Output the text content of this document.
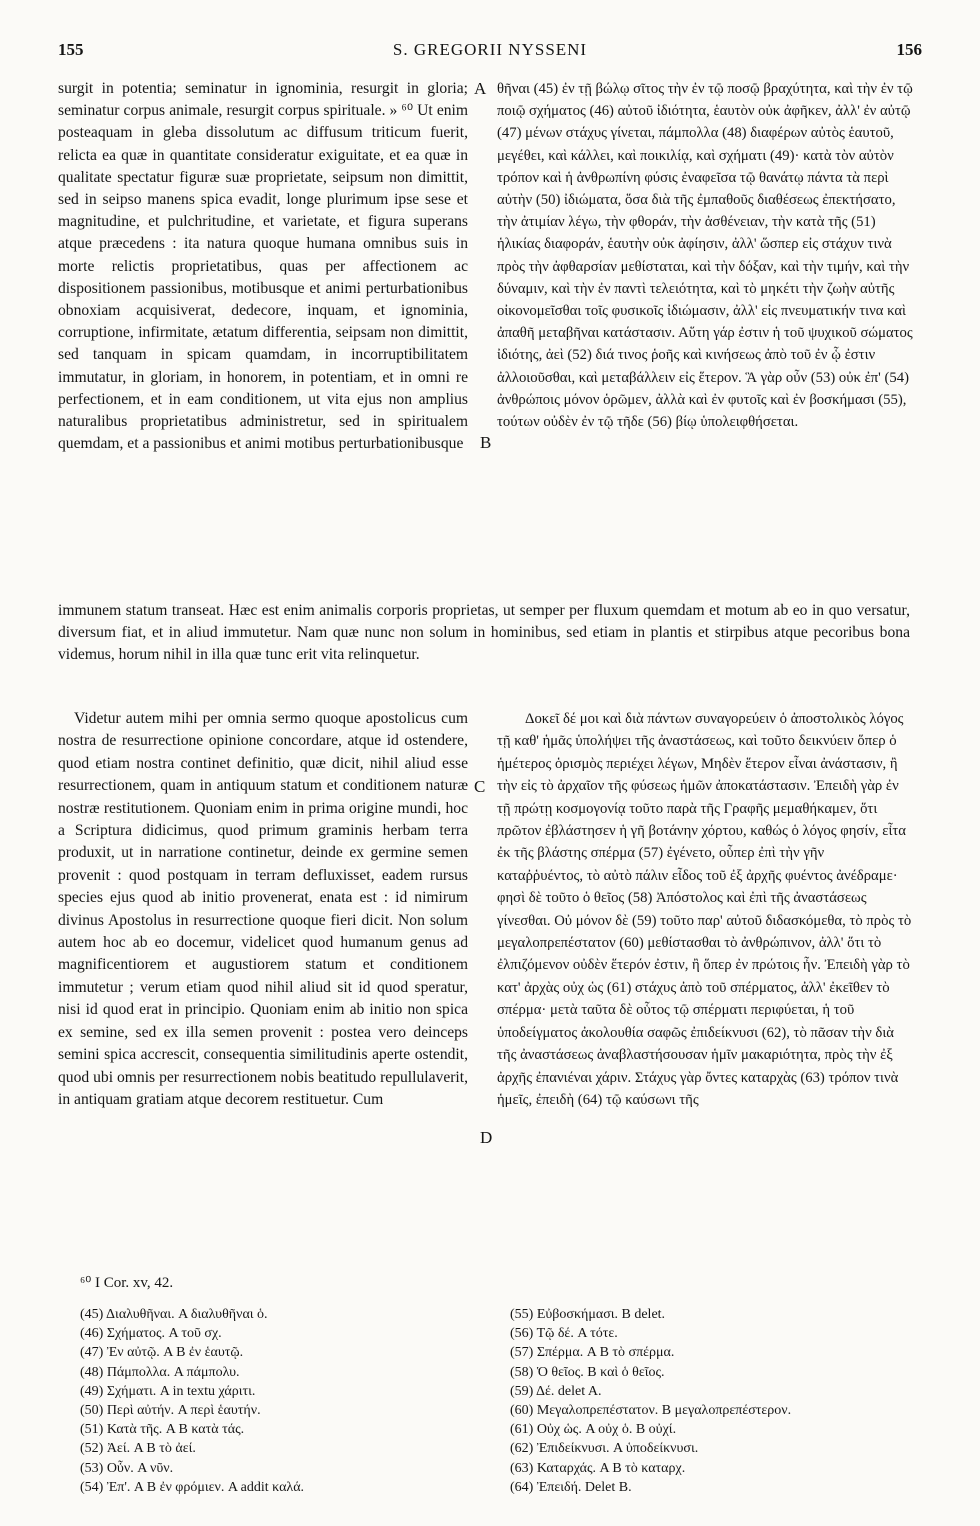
155	S. GREGORII NYSSENI	156
surgit in potentia; seminatur in ignominia, resurgit in gloria; seminatur corpus animale, resurgit corpus spirituale. » ⁶⁰ Ut enim posteaquam in gleba dissolutum ac diffusum triticum fuerit, relicta ea quæ in quantitate consideratur exiguitate, et ea quæ in qualitate spectatur figuræ suæ proprietate, seipsum non dimittit, sed in seipso manens spica evadit, longe plurimum ipse sese et magnitudine, et pulchritudine, et varietate, et figura superans atque præcedens : ita natura quoque humana omnibus suis in morte relictis proprietatibus, quas per affectionem ac dispositionem passionibus, motibusque et animi perturbationibus obnoxiam acquisiverat, dedecore, inquam, et ignominia, corruptione, infirmitate, ætatum differentia, seipsam non dimittit, sed tanquam in spicam quamdam, in incorruptibilitatem immutatur, in gloriam, in honorem, in potentiam, et in omni re perfectionem, et in eam conditionem, ut vita ejus non amplius naturalibus proprietatibus administretur, sed in spiritualem quemdam, et a passionibus et animi motibus perturbationibusque
θῆναι (45) ἐν τῇ βώλῳ σῖτος τὴν ἐν τῷ ποσῷ βραχύτητα, καὶ τὴν ἐν τῷ ποιῷ σχήματος (46) αὐτοῦ ἰδιότητα, ἑαυτὸν οὐκ ἀφῆκεν, ἀλλ' ἐν αὐτῷ (47) μένων στάχυς γίνεται, πάμπολλα (48) διαφέρων αὐτὸς ἑαυτοῦ, μεγέθει, καὶ κάλλει, καὶ ποικιλίᾳ, καὶ σχήματι (49)· κατὰ τὸν αὐτὸν τρόπον καὶ ἡ ἀνθρωπίνη φύσις ἐναφεῖσα τῷ θανάτῳ πάντα τὰ περὶ αὐτὴν (50) ἰδιώματα, ὅσα διὰ τῆς ἐμπαθοῦς διαθέσεως ἐπεκτήσατο, τὴν ἀτιμίαν λέγω, τὴν φθοράν, τὴν ἀσθένειαν, τὴν κατὰ τῆς (51) ἡλικίας διαφοράν, ἑαυτὴν οὐκ ἀφίησιν, ἀλλ' ὥσπερ εἰς στάχυν τινὰ πρὸς τὴν ἀφθαρσίαν μεθίσταται, καὶ τὴν δόξαν, καὶ τὴν τιμήν, καὶ τὴν δύναμιν, καὶ τὴν ἐν παντὶ τελειότητα, καὶ τὸ μηκέτι τὴν ζωὴν αὐτῆς οἰκονομεῖσθαι τοῖς φυσικοῖς ἰδιώμασιν, ἀλλ' εἰς πνευματικήν τινα καὶ ἀπαθῆ μεταβῆναι κατάστασιν. Αὕτη γάρ ἐστιν ἡ τοῦ ψυχικοῦ σώματος ἰδιότης, ἀεὶ (52) διά τινος ῥοῆς καὶ κινήσεως ἀπὸ τοῦ ἐν ᾧ ἐστιν ἀλλοιοῦσθαι, καὶ μεταβάλλειν εἰς ἕτερον. Ἃ γὰρ οὖν (53) οὐκ ἐπ' (54) ἀνθρώποις μόνον ὁρῶμεν, ἀλλὰ καὶ ἐν φυτοῖς καὶ ἐν βοσκήμασι (55), τούτων οὐδὲν ἐν τῷ τῆδε (56) βίῳ ὑπολειφθήσεται.
A
B
immunem statum transeat. Hæc est enim animalis corporis proprietas, ut semper per fluxum quemdam et motum ab eo in quo versatur, diversum fiat, et in aliud immutetur. Nam quæ nunc non solum in hominibus, sed etiam in plantis et stirpibus atque pecoribus bona videmus, horum nihil in illa quæ tunc erit vita relinquetur.
Videtur autem mihi per omnia sermo quoque apostolicus cum nostra de resurrectione opinione concordare, atque id ostendere, quod etiam nostra continet definitio, quæ dicit, nihil aliud esse resurrectionem, quam in antiquum statum et conditionem naturæ nostræ restitutionem. Quoniam enim in prima origine mundi, hoc a Scriptura didicimus, quod primum graminis herbam terra produxit, ut in narratione continetur, deinde ex germine semen provenit : quod postquam in terram defluxisset, eadem rursus species ejus quod ab initio provenerat, enata est : id nimirum divinus Apostolus in resurrectione quoque fieri dicit. Non solum autem hoc ab eo docemur, videlicet quod humanum genus ad magnificentiorem et augustiorem statum et conditionem immutetur ; verum etiam quod nihil aliud sit id quod speratur, nisi id quod erat in principio. Quoniam enim ab initio non spica ex semine, sed ex illa semen provenit : postea vero deinceps semini spica accrescit, consequentia similitudinis aperte ostendit, quod ubi omnis per resurrectionem nobis beatitudo repullulaverit, in antiquam gratiam atque decorem restituetur. Cum
Δοκεῖ δέ μοι καὶ διὰ πάντων συναγορεύειν ὁ ἀποστολικὸς λόγος τῇ καθ' ἡμᾶς ὑπολήψει τῆς ἀναστάσεως, καὶ τοῦτο δεικνύειν ὅπερ ὁ ἡμέτερος ὁρισμὸς περιέχει λέγων, Μηδὲν ἕτερον εἶναι ἀνάστασιν, ἢ τὴν εἰς τὸ ἀρχαῖον τῆς φύσεως ἡμῶν ἀποκατάστασιν. Ἐπειδὴ γὰρ ἐν τῇ πρώτῃ κοσμογονίᾳ τοῦτο παρὰ τῆς Γραφῆς μεμαθήκαμεν, ὅτι πρῶτον ἐβλάστησεν ἡ γῆ βοτάνην χόρτου, καθώς ὁ λόγος φησίν, εἶτα ἐκ τῆς βλάστης σπέρμα (57) ἐγένετο, οὗπερ ἐπὶ τὴν γῆν καταῤῥυέντος, τὸ αὐτὸ πάλιν εἶδος τοῦ ἐξ ἀρχῆς φυέντος ἀνέδραμε· φησὶ δὲ τοῦτο ὁ θεῖος (58) Ἀπόστολος καὶ ἐπὶ τῆς ἀναστάσεως γίνεσθαι. Οὐ μόνον δὲ (59) τοῦτο παρ' αὐτοῦ διδασκόμεθα, τὸ πρὸς τὸ μεγαλοπρεπέστατον (60) μεθίστασθαι τὸ ἀνθρώπινον, ἀλλ' ὅτι τὸ ἐλπιζόμενον οὐδὲν ἕτερόν ἐστιν, ἢ ὅπερ ἐν πρώτοις ἦν. Ἐπειδὴ γὰρ τὸ κατ' ἀρχὰς οὐχ ὡς (61) στάχυς ἀπὸ τοῦ σπέρματος, ἀλλ' ἐκεῖθεν τὸ σπέρμα· μετὰ ταῦτα δὲ οὗτος τῷ σπέρματι περιφύεται, ἡ τοῦ ὑποδείγματος ἀκολουθία σαφῶς ἐπιδείκνυσι (62), τὸ πᾶσαν τὴν διὰ τῆς ἀναστάσεως ἀναβλαστήσουσαν ἡμῖν μακαριότητα, πρὸς τὴν ἐξ ἀρχῆς ἐπανιέναι χάριν. Στάχυς γὰρ ὄντες καταρχὰς (63) τρόπον τινὰ ἡμεῖς, ἐπειδὴ (64) τῷ καύσωνι τῆς
C
D
⁶⁰ I Cor. xv, 42.
(45) Διαλυθῆναι. A διαλυθῆναι ὁ.
(46) Σχήματος. A τοῦ σχ.
(47) Ἐν αὐτῷ. A B ἐν ἑαυτῷ.
(48) Πάμπολλα. A πάμπολυ.
(49) Σχήματι. A in textu χάριτι.
(50) Περὶ αὐτήν. A περὶ ἑαυτήν.
(51) Κατὰ τῆς. A B κατὰ τάς.
(52) Ἀεί. A B τὸ ἀεί.
(53) Οὖν. A νῦν.
(54) Ἐπ'. A B ἐν φρόμιεν. A addit καλά.
(55) Εὐβοσκήμασι. B delet.
(56) Τῷ δέ. A τότε.
(57) Σπέρμα. A B τὸ σπέρμα.
(58) Ὁ θεῖος. B καὶ ὁ θεῖος.
(59) Δέ. delet A.
(60) Μεγαλοπρεπέστατον. B μεγαλοπρεπέστερον.
(61) Οὐχ ὡς. A οὐχ ὁ. B οὐχί.
(62) Ἐπιδείκνυσι. A ὑποδείκνυσι.
(63) Καταρχάς. A B τὸ καταρχ.
(64) Ἐπειδή. Delet B.
